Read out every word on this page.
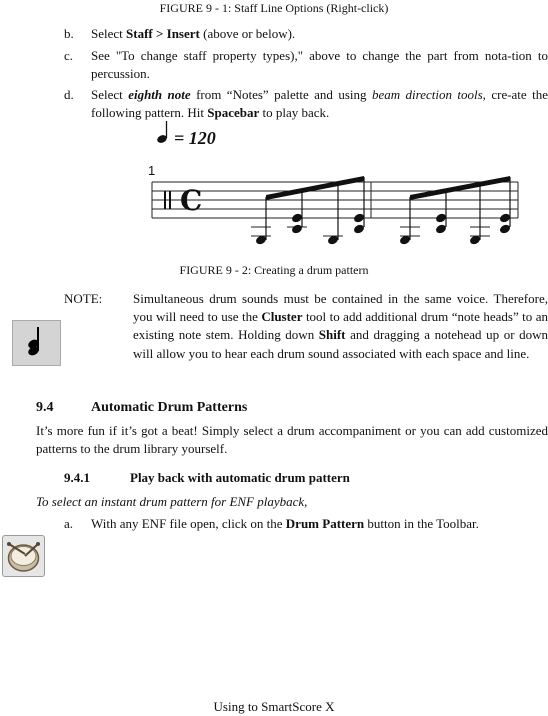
FIGURE 9 - 1: Staff Line Options (Right-click)
b. Select Staff > Insert (above or below).
c. See "To change staff property types)," above to change the part from nota-tion to percussion.
d. Select eighth note from “Notes” palette and using beam direction tools, cre-ate the following pattern. Hit Spacebar to play back.
= 120
1
C
FIGURE 9 - 2: Creating a drum pattern
NOTE: Simultaneous drum sounds must be contained in the same voice. Therefore, you will need to use the Cluster tool to add additional drum “note heads” to an existing note stem. Holding down Shift and dragging a notehead up or down will allow you to hear each drum sound associated with each space and line.
9.4	Automatic Drum Patterns
It’s more fun if it’s got a beat! Simply select a drum accompaniment or you can add customized patterns to the drum library yourself.
9.4.1	Play back with automatic drum pattern
To select an instant drum pattern for ENF playback,
a. With any ENF file open, click on the Drum Pattern button in the Toolbar.
Using to SmartScore X
